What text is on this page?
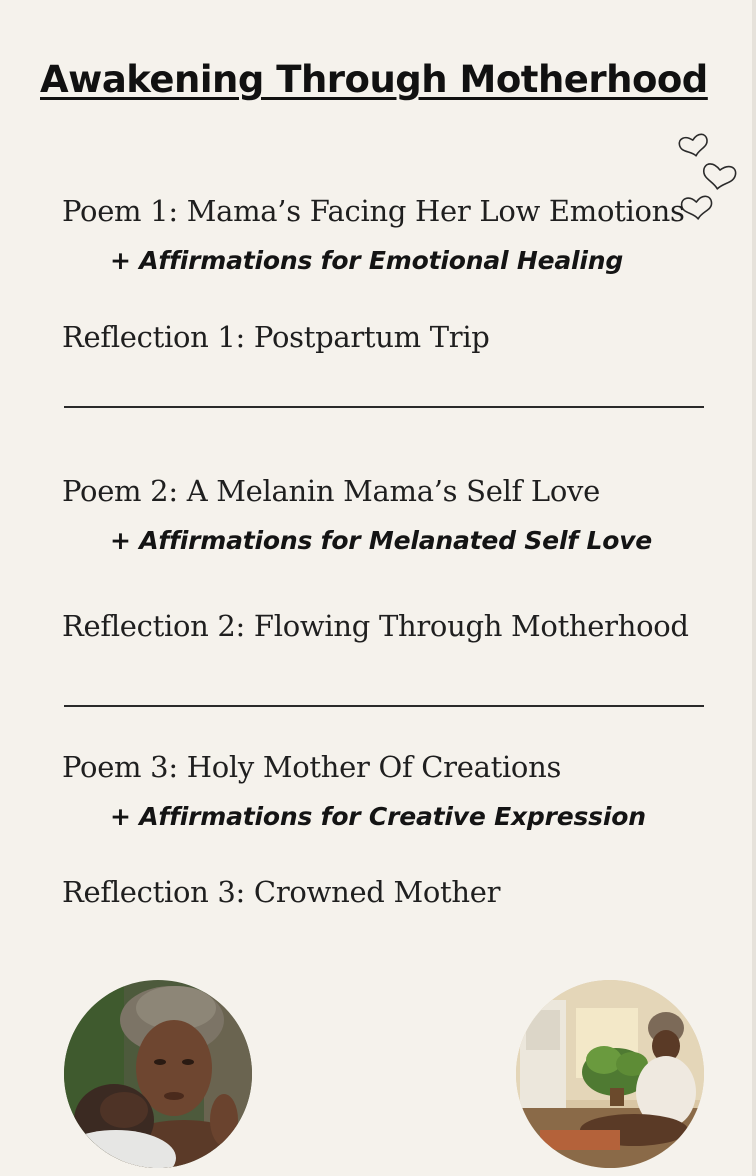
Awakening Through Motherhood
Poem 1: Mama’s Facing Her Low Emotions
+ Affirmations for Emotional Healing
Reflection 1: Postpartum Trip
Poem 2: A Melanin Mama’s Self Love
+ Affirmations for Melanated Self Love
Reflection 2: Flowing Through Motherhood
Poem 3: Holy Mother Of Creations
+ Affirmations for Creative Expression
Reflection 3: Crowned Mother
